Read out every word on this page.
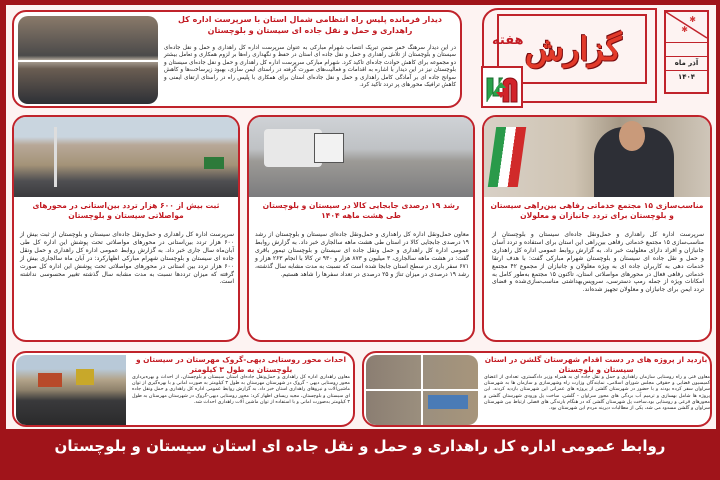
گزارش
هفته
✱
✱
آذر ماه
۱۴۰۴
دیدار فرمانده پلیس راه انتظامی شمال استان با سرپرست اداره کل راهداری و حمل و نقل جاده ای سیستان و بلوچستان
در این دیدار سرهنگ خمر ضمن تبریک انتصاب شهرام مبارکی به عنوان سرپرست اداره کل راهداری و حمل و نقل جاده‌ای سیستان و بلوچستان از تلاش راهداری و حمل و نقل جاده ای استان در حفظ و نگهداری راه‌ها بر لزوم همکاری و تعامل بیشتر دو مجموعه برای کاهش حوادث جاده‌ای تاکید کرد. شهرام مبارکی سرپرست اداره کل راهداری و حمل و نقل جاده‌ای سیستان و بلوچستان نیز در این دیدار با اشاره به اقدامات و فعالیت‌های صورت گرفته در راستای ایمن سازی، بهبود زیرساخت‌ها و کاهش سوانح جاده ای بر آمادگی کامل راهداری و حمل و نقل جاده‌ای استان برای همکاری با پلیس راه در راستای ارتقای ایمنی و کاهش ترافیک محورهای پر تردد تاکید کرد.
مناسب‌سازی ۱۵ مجتمع خدماتی رفاهی بین‌راهی سیستان و بلوچستان برای تردد جانبازان و معلولان
سرپرست اداره کل راهداری و حمل‌ونقل جاده‌ای سیستان و بلوچستان از مناسب‌سازی ۱۵ مجتمع خدماتی رفاهی بین‌راهی این استان برای استفاده و تردد آسان جانبازان و افراد دارای معلولیت خبر داد. به گزارش روابط عمومی اداره کل راهداری و حمل و نقل جاده ای سیستان و بلوچستان شهرام مبارکی گفت: با هدف ارتقا خدمات دهی به کاربران جاده ای به ویژه معلولان و جانبازان از مجموع ۴۲ مجتمع خدماتی رفاهی فعال در محورهای مواصلاتی استان، تاکنون ۱۵ مجتمع به‌طور کامل به امکانات ویژه از جمله رمپ دسترسی، سرویس‌بهداشتی مناسب‌سازی‌شده و فضای تردد ایمن برای جانبازان و معلولان تجهیز شده‌اند.
رشد ۱۹ درصدی جابجایی کالا در سیستان و بلوچستان طی هشت ماهه ۱۴۰۴
معاون حمل‌ونقل اداره کل راهداری و حمل‌ونقل جاده‌ای سیستان و بلوچستان از رشد ۱۹ درصدی جابجایی کالا در استان طی هشت ماهه سالجاری خبر داد. به گزارش روابط عمومی اداره کل راهداری و حمل ونقل جاده ای سیستان و بلوچستان تیمور باقری گفت: در هشت ماهه سالجاری، ۳ میلیون و ۸۷۳ هزار و ۹۳۰ تن کالا با انجام ۲۶۳ هزار و ۶۷۱ سفر باری در سطح استان جابجا شده است که نسبت به مدت مشابه سال گذشته، رشد ۱۹ درصدی در میزان تناژ و ۲۵ درصدی در تعداد سفرها را شاهد هستیم.
ثبت بیش از ۶۰۰ هزار تردد بین‌استانی در محورهای مواصلاتی سیستان و بلوچستان
سرپرست اداره کل راهداری و حمل‌ونقل جاده‌ای سیستان و بلوچستان از ثبت بیش از ۶۰۰ هزار تردد بین‌استانی در محورهای مواصلاتی تحت پوشش این اداره کل طی آبان‌ماه سال جاری خبر داد. به گزارش روابط عمومی اداره کل راهداری و حمل ونقل جاده ای سیستان و بلوچستان شهرام مبارکی اظهارکرد: در آبان ماه سالجاری بیش از ۶۰۰ هزار تردد بین استانی در محورهای مواصلاتی تحت پوشش این اداره کل صورت گرفته که میزان ترددها نسبت به مدت مشابه سال گذشته تغییر محسوسی نداشته است.
بازدید از پروژه های در دست اقدام شهرستان گلشن در استان سیستان و بلوچستان
معاون فنی و راه روستایی سازمان راهداری و حمل و نقل جاده ای به همراه وزیر دادگستری، تعدادی از اعضای کمیسیون قضایی و حقوقی مجلس شورای اسلامی، نمایندگان وزارت راه وشهرسازی و سازمان ها به شهرستان سراوان سفر کرده بودند و با حضور در شهرستان گلشن از پروژه های عمرانی این شهرستان بازدید کردند. این پروژه ها شامل بهسازی و ترمیم آب بردگی های محور سراوان - گلشن، ساخت پل ورودی شهرستان گلشن و محورهای فرعی و روستایی بود.ساخت پل شهرستان گلشن که در هنگام بارندگی های فصلی ارتباط بین شهرستان سراوان و گلشن مسدود می شد، یکی از مطالبات دیرینه مردم این شهرستان بود.
احداث محور روستایی دیهی-گروک مهرستان در سیستان و بلوچستان به طول ۳ کیلومتر
معاون راهداری اداره کل راهداری و حمل‌ونقل جاده‌ای استان سیستان و بلوچستان، از احداث و بهره‌برداری محور روستایی دیهی - گروک در شهرستان مهرستان به طول ۳ کیلومتر به صورت امانی و با بهره‌گیری از توان ماشین‌آلات و نیروهای راهداری استان خبر داد. به گزارش روابط عمومی اداره کل راهداری و حمل ونقل جاده ای سیستان و بلوچستان، مجید ریساف اظهار کرد: محور روستایی دیهی-گروک در شهرستان مهرستان به طول ۳ کیلومتر به‌صورت امانی و با استفاده از توان ماشین آلات راهداری احداث شد.
روابط عمومی اداره کل راهداری و حمل و نقل جاده ای استان سیستان و بلوچستان
